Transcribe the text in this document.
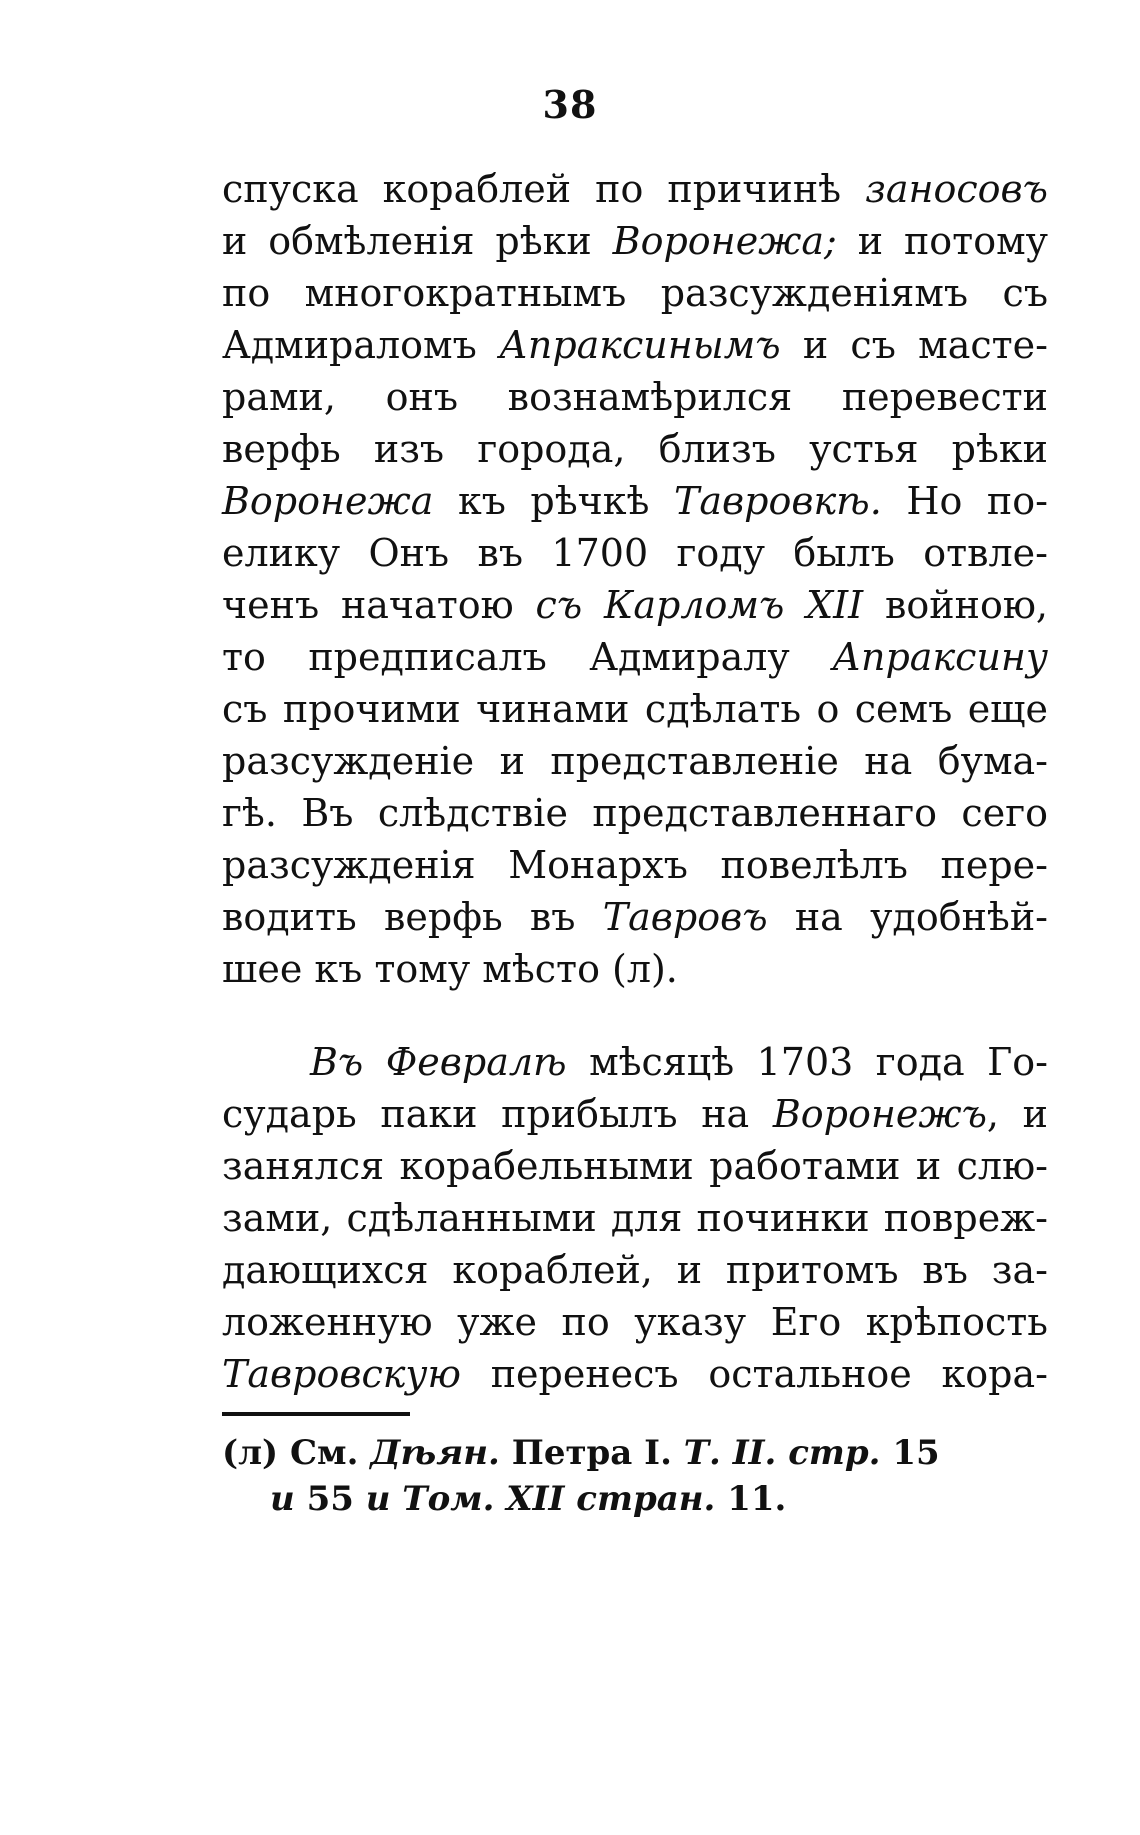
38
спуска кораблей по причинѣ заносовъ
и обмѣленія рѣки Воронежа; и потому
по многократнымъ разсужденіямъ съ
Адмираломъ Апраксинымъ и съ масте-
рами, онъ вознамѣрился перевести
верфь изъ города, близъ устья рѣки
Воронежа къ рѣчкѣ Тавровкѣ. Но по-
елику Онъ въ 1700 году былъ отвле-
ченъ начатою съ Карломъ XII войною,
то предписалъ Адмиралу Апраксину
съ прочими чинами сдѣлать о семъ еще
разсужденіе и представленіе на бума-
гѣ. Въ слѣдствіе представленнаго сего
разсужденія Монархъ повелѣлъ пере-
водить верфь въ Тавровъ на удобнѣй-
шее къ тому мѣсто (л).
Въ Февралѣ мѣсяцѣ 1703 года Го-
сударь паки прибылъ на Воронежъ, и
занялся корабельными работами и слю-
зами, сдѣланными для починки повреж-
дающихся кораблей, и притомъ въ за-
ложенную уже по указу Его крѣпость
Тавровскую перенесъ остальное кора-
(л) См. Дѣян. Петра I. Т. II. стр. 15
и 55 и Том. XII стран. 11.
